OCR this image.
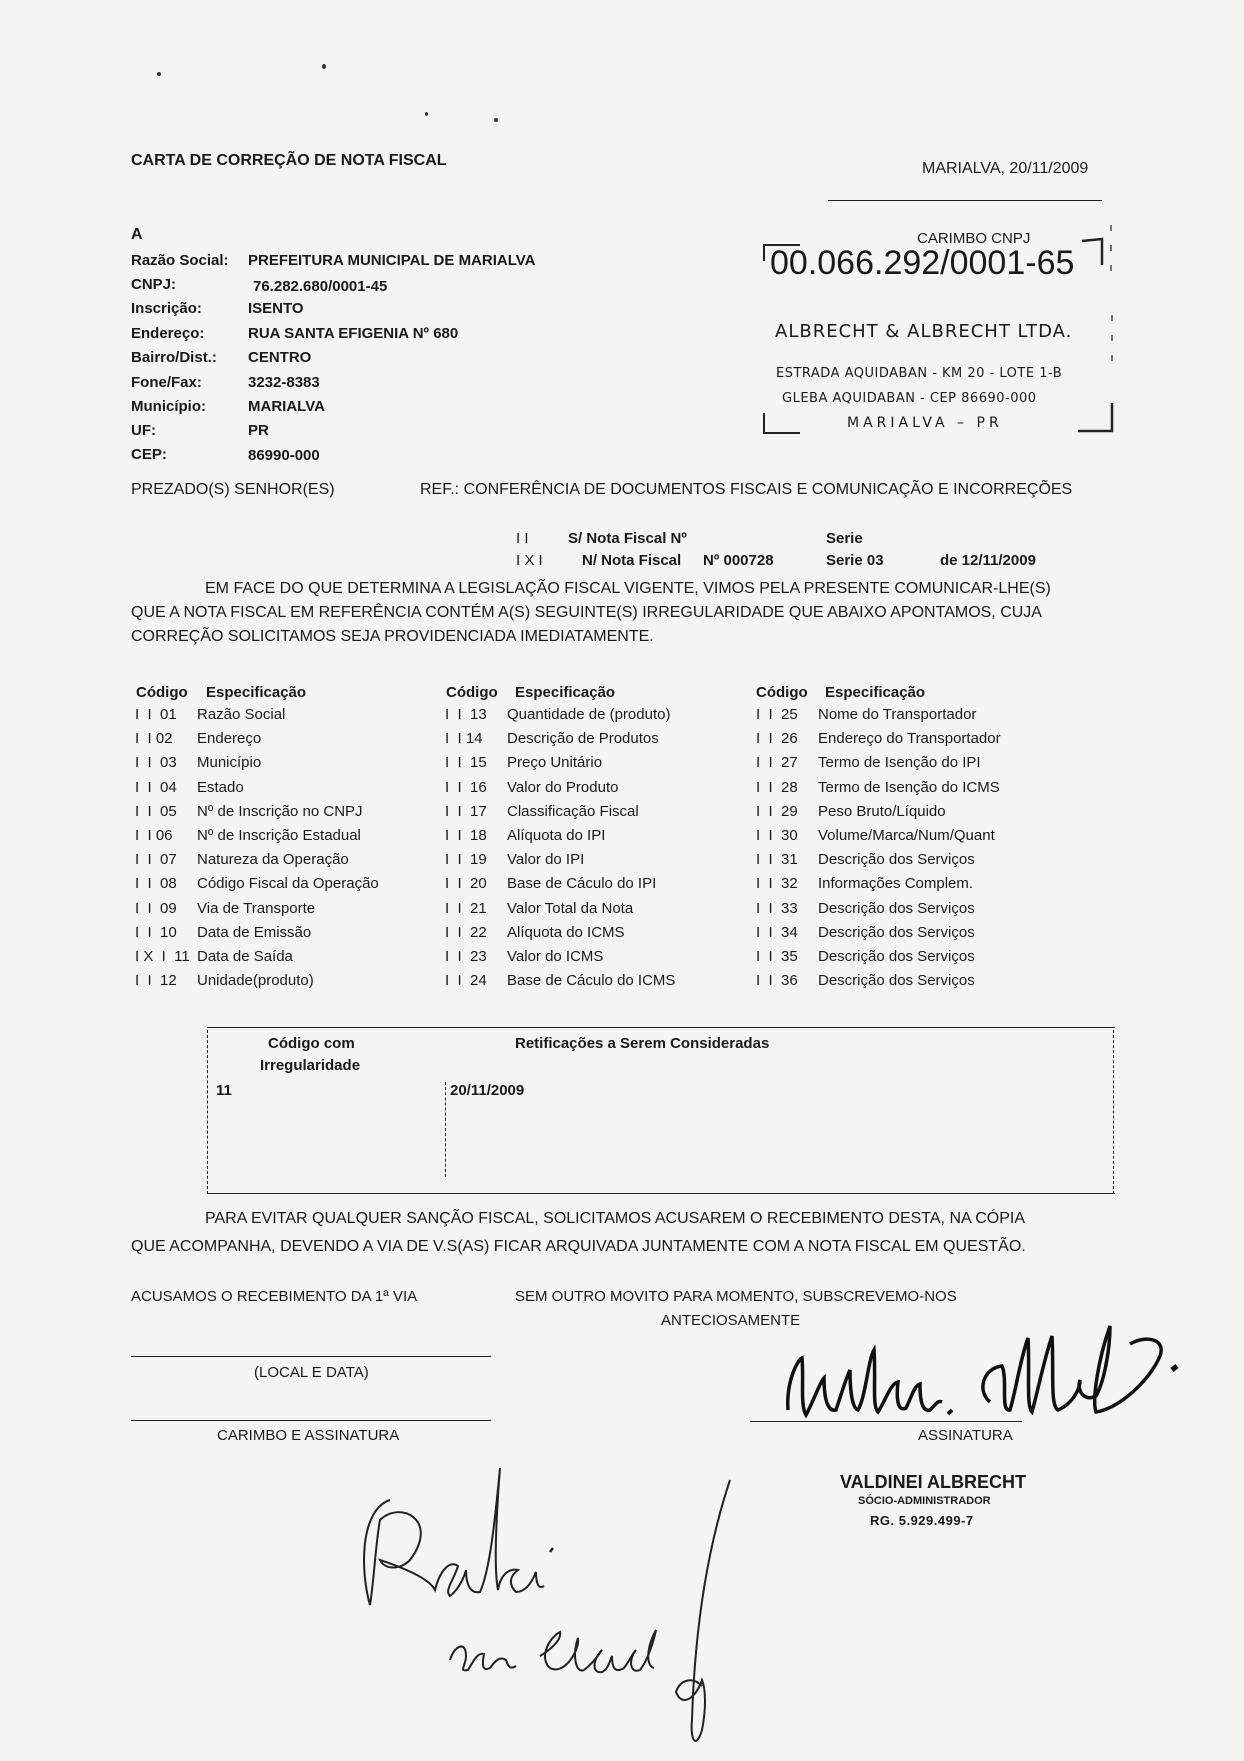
CARTA DE CORREÇÃO DE NOTA FISCAL	MARIALVA, 20/11/2009
A
Razão Social: PREFEITURA MUNICIPAL DE MARIALVA
CNPJ:	76.282.680/0001-45
Inscrição:	ISENTO
Endereço:	RUA SANTA EFIGENIA Nº 680
Bairro/Dist.: CENTRO
Fone/Fax:	3232-8383
Município:	MARIALVA
UF:	PR
CEP:	86990-000
CARIMBO CNPJ
00.066.292/0001-65
ALBRECHT & ALBRECHT LTDA.
ESTRADA AQUIDABAN - KM 20 - LOTE 1-B
GLEBA AQUIDABAN - CEP 86690-000
MARIALVA – PR
PREZADO(S) SENHOR(ES)	REF.: CONFERÊNCIA DE DOCUMENTOS FISCAIS E COMUNICAÇÃO E INCORREÇÕES
I I	S/ Nota Fiscal Nº	Serie
I X I	N/ Nota Fiscal Nº 000728	Serie 03	de 12/11/2009
EM FACE DO QUE DETERMINA A LEGISLAÇÃO FISCAL VIGENTE, VIMOS PELA PRESENTE COMUNICAR-LHE(S)
QUE A NOTA FISCAL EM REFERÊNCIA CONTÉM A(S) SEGUINTE(S) IRREGULARIDADE QUE ABAIXO APONTAMOS, CUJA
CORREÇÃO SOLICITAMOS SEJA PROVIDENCIADA IMEDIATAMENTE.
Código Especificação	Código Especificação	Código Especificação
I  I  01	Razão Social
I  I 02	Endereço
I  I  03	Município
I  I  04	Estado
I  I  05	Nº de Inscrição no CNPJ
I  I 06	Nº de Inscrição Estadual
I  I  07	Natureza da Operação
I  I  08	Código Fiscal da Operação
I  I  09	Via de Transporte
I  I  10	Data de Emissão
I X  I  11 Data de Saída
I  I  12	Unidade(produto)
I  I  13	Quantidade de (produto)
I  I 14	Descrição de Produtos
I  I  15	Preço Unitário
I  I  16	Valor do Produto
I  I  17	Classificação Fiscal
I  I  18	Alíquota do IPI
I  I  19	Valor do IPI
I  I  20	Base de Cáculo do IPI
I  I  21	Valor Total da Nota
I  I  22	Alíquota do ICMS
I  I  23	Valor do ICMS
I  I  24	Base de Cáculo do ICMS
I  I  25	Nome do Transportador
I  I  26	Endereço do Transportador
I  I  27	Termo de Isenção do IPI
I  I  28	Termo de Isenção do ICMS
I  I  29	Peso Bruto/Líquido
I  I  30	Volume/Marca/Num/Quant
I  I  31	Descrição dos Serviços
I  I  32	Informações Complem.
I  I  33	Descrição dos Serviços
I  I  34	Descrição dos Serviços
I  I  35	Descrição dos Serviços
I  I  36	Descrição dos Serviços
Código com
Irregularidade
Retificações a Serem Consideradas
11	20/11/2009
PARA EVITAR QUALQUER SANÇÃO FISCAL, SOLICITAMOS ACUSAREM O RECEBIMENTO DESTA, NA CÓPIA
QUE ACOMPANHA, DEVENDO A VIA DE V.S(AS) FICAR ARQUIVADA JUNTAMENTE COM A NOTA FISCAL EM QUESTÃO.
ACUSAMOS O RECEBIMENTO DA 1ª VIA
(LOCAL E DATA)
CARIMBO E ASSINATURA
SEM OUTRO MOVITO PARA MOMENTO, SUBSCREVEMO-NOS
ANTECIOSAMENTE
ASSINATURA
VALDINEI ALBRECHT
SÓCIO-ADMINISTRADOR
RG. 5.929.499-7
